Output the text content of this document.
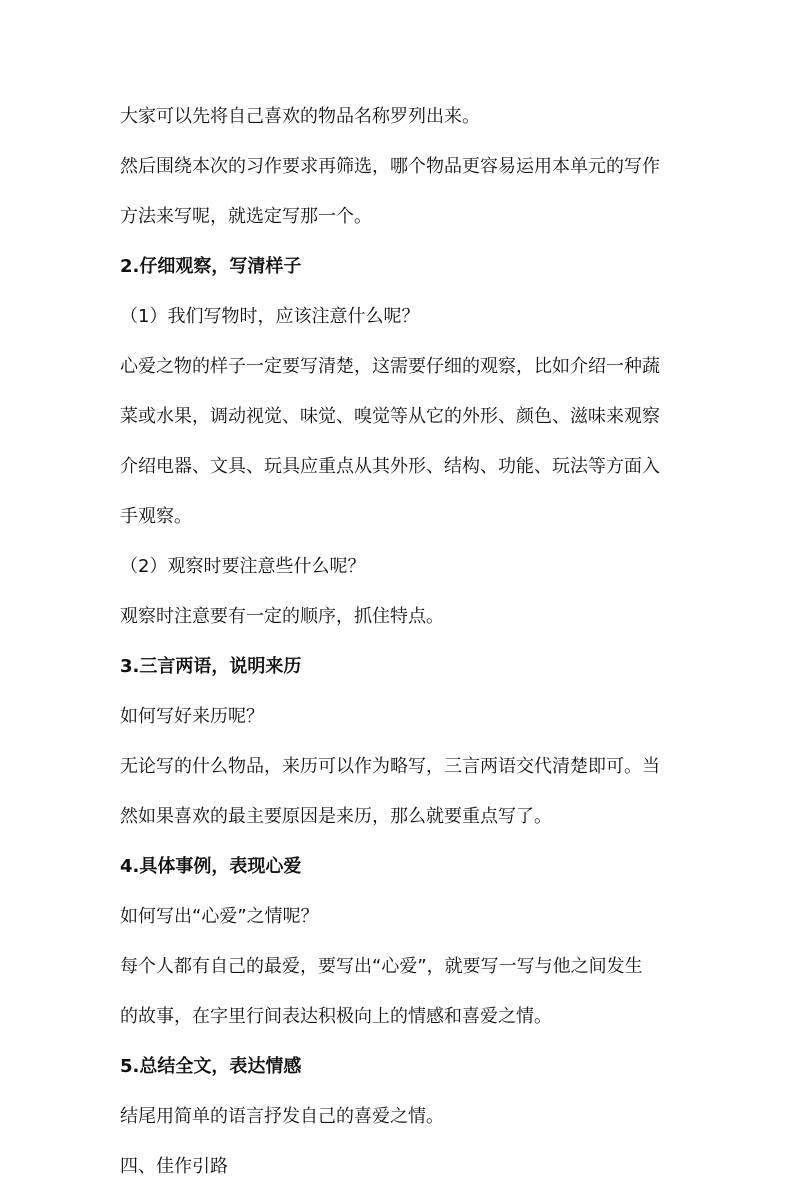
大家可以先将自己喜欢的物品名称罗列出来。
然后围绕本次的习作要求再筛选，哪个物品更容易运用本单元的写作
方法来写呢，就选定写那一个。
2.仔细观察，写清样子
（1）我们写物时，应该注意什么呢？
心爱之物的样子一定要写清楚，这需要仔细的观察，比如介绍一种蔬
菜或水果，调动视觉、味觉、嗅觉等从它的外形、颜色、滋味来观察
介绍电器、文具、玩具应重点从其外形、结构、功能、玩法等方面入
手观察。
（2）观察时要注意些什么呢？
观察时注意要有一定的顺序，抓住特点。
3.三言两语，说明来历
如何写好来历呢？
无论写的什么物品，来历可以作为略写，三言两语交代清楚即可。当
然如果喜欢的最主要原因是来历，那么就要重点写了。
4.具体事例，表现心爱
如何写出“心爱”之情呢？
每个人都有自己的最爱，要写出“心爱”，就要写一写与他之间发生
的故事，在字里行间表达积极向上的情感和喜爱之情。
5.总结全文，表达情感
结尾用简单的语言抒发自己的喜爱之情。
四、佳作引路
